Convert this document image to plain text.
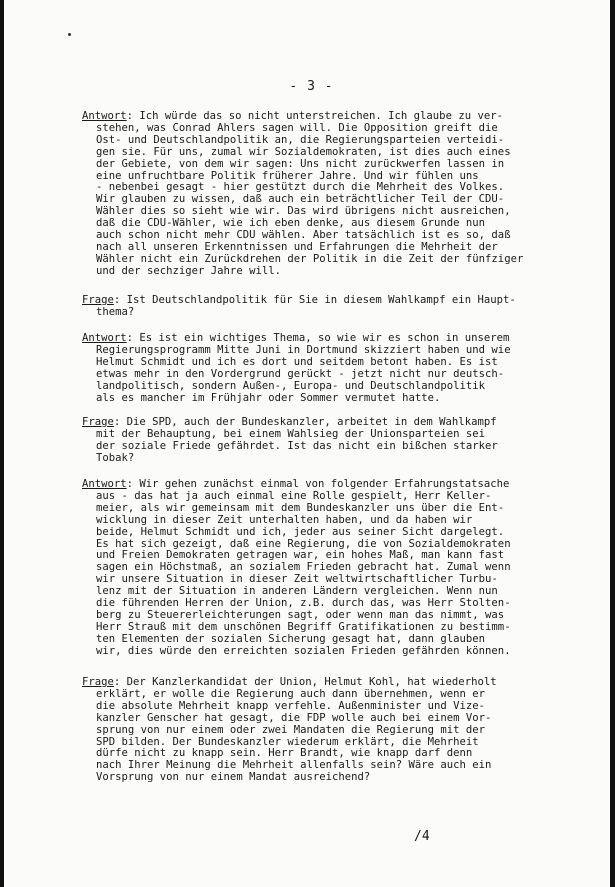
- 3 -
Antwort: Ich würde das so nicht unterstreichen. Ich glaube zu ver-
stehen, was Conrad Ahlers sagen will. Die Opposition greift die
Ost- und Deutschlandpolitik an, die Regierungsparteien verteidi-
gen sie. Für uns, zumal wir Sozialdemokraten, ist dies auch eines
der Gebiete, von dem wir sagen: Uns nicht zurückwerfen lassen in
eine unfruchtbare Politik früherer Jahre. Und wir fühlen uns
- nebenbei gesagt - hier gestützt durch die Mehrheit des Volkes.
Wir glauben zu wissen, daß auch ein beträchtlicher Teil der CDU-
Wähler dies so sieht wie wir. Das wird übrigens nicht ausreichen,
daß die CDU-Wähler, wie ich eben denke, aus diesem Grunde nun
auch schon nicht mehr CDU wählen. Aber tatsächlich ist es so, daß
nach all unseren Erkenntnissen und Erfahrungen die Mehrheit der
Wähler nicht ein Zurückdrehen der Politik in die Zeit der fünfziger
und der sechziger Jahre will.
Frage: Ist Deutschlandpolitik für Sie in diesem Wahlkampf ein Haupt-
thema?
Antwort: Es ist ein wichtiges Thema, so wie wir es schon in unserem
Regierungsprogramm Mitte Juni in Dortmund skizziert haben und wie
Helmut Schmidt und ich es dort und seitdem betont haben. Es ist
etwas mehr in den Vordergrund gerückt - jetzt nicht nur deutsch-
landpolitisch, sondern Außen-, Europa- und Deutschlandpolitik
als es mancher im Frühjahr oder Sommer vermutet hatte.
Frage: Die SPD, auch der Bundeskanzler, arbeitet in dem Wahlkampf
mit der Behauptung, bei einem Wahlsieg der Unionsparteien sei
der soziale Friede gefährdet. Ist das nicht ein bißchen starker
Tobak?
Antwort: Wir gehen zunächst einmal von folgender Erfahrungstatsache
aus - das hat ja auch einmal eine Rolle gespielt, Herr Keller-
meier, als wir gemeinsam mit dem Bundeskanzler uns über die Ent-
wicklung in dieser Zeit unterhalten haben, und da haben wir
beide, Helmut Schmidt und ich, jeder aus seiner Sicht dargelegt.
Es hat sich gezeigt, daß eine Regierung, die von Sozialdemokraten
und Freien Demokraten getragen war, ein hohes Maß, man kann fast
sagen ein Höchstmaß, an sozialem Frieden gebracht hat. Zumal wenn
wir unsere Situation in dieser Zeit weltwirtschaftlicher Turbu-
lenz mit der Situation in anderen Ländern vergleichen. Wenn nun
die führenden Herren der Union, z.B. durch das, was Herr Stolten-
berg zu Steuererleichterungen sagt, oder wenn man das nimmt, was
Herr Strauß mit dem unschönen Begriff Gratifikationen zu bestimm-
ten Elementen der sozialen Sicherung gesagt hat, dann glauben
wir, dies würde den erreichten sozialen Frieden gefährden können.
Frage: Der Kanzlerkandidat der Union, Helmut Kohl, hat wiederholt
erklärt, er wolle die Regierung auch dann übernehmen, wenn er
die absolute Mehrheit knapp verfehle. Außenminister und Vize-
kanzler Genscher hat gesagt, die FDP wolle auch bei einem Vor-
sprung von nur einem oder zwei Mandaten die Regierung mit der
SPD bilden. Der Bundeskanzler wiederum erklärt, die Mehrheit
dürfe nicht zu knapp sein. Herr Brandt, wie knapp darf denn
nach Ihrer Meinung die Mehrheit allenfalls sein? Wäre auch ein
Vorsprung von nur einem Mandat ausreichend?
/4
